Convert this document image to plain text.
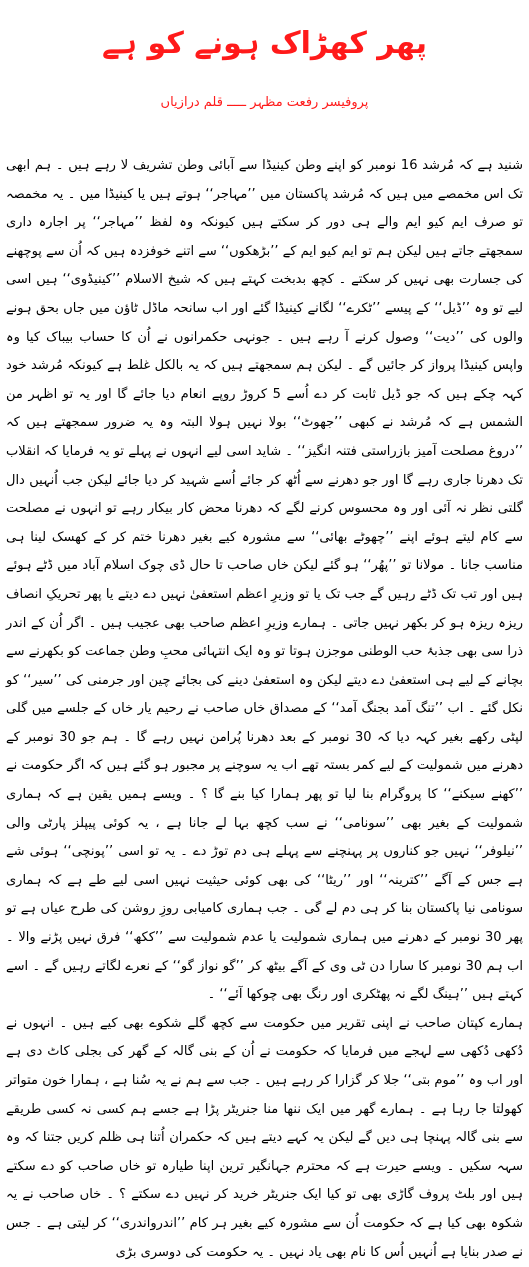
پھر کھڑاک ہونے کو ہے
پروفیسر رفعت مظہر ـــــ قلم درازیاں

شنید ہے کہ مُرشد 16 نومبر کو اپنے وطن کینیڈا سے آبائی وطن تشریف لا رہے ہیں ۔ ہم ابھی تک اس مخمصے میں ہیں کہ مُرشد پاکستان میں ’’مہاجر‘‘ ہوتے ہیں یا کینیڈا میں ۔ یہ مخمصہ تو صرف ایم کیو ایم والے ہی دور کر سکتے ہیں کیونکہ وہ لفظ ’’مہاجر‘‘ پر اجارہ داری سمجھتے جاتے ہیں لیکن ہم تو ایم کیو ایم کے ’’بڑھکوں‘‘ سے اتنے خوفزدہ ہیں کہ اُن سے پوچھنے کی جسارت بھی نہیں کر سکتے ۔ کچھ بدبخت کہتے ہیں کہ شیخ الاسلام ’’کینیڈوی‘‘ ہیں اسی لیے تو وہ ’’ڈیل‘‘ کے پیسے ’’ٹکرے‘‘ لگانے کینیڈا گئے اور اب سانحہ ماڈل ٹاؤن میں جاں بحق ہونے والوں کی ’’دیت‘‘ وصول کرنے آ رہے ہیں ۔ جونہی حکمرانوں نے اُن کا حساب بیباک کیا وہ واپس کینیڈا پرواز کر جائیں گے ۔ لیکن ہم سمجھتے ہیں کہ یہ بالکل غلط ہے کیونکہ مُرشد خود کہہ چکے ہیں کہ جو ڈیل ثابت کر دے اُسے 5 کروڑ روپے انعام دیا جائے گا اور یہ تو اظہر من الشمس ہے کہ مُرشد نے کبھی ’’جھوٹ‘‘ بولا نہیں ہولا البتہ وہ یہ ضرور سمجھتے ہیں کہ ’’دروغ مصلحت آمیز بازراستی فتنہ انگیز‘‘ ۔ شاید اسی لیے انہوں نے پہلے تو یہ فرمایا کہ انقلاب تک دھرنا جاری رہے گا اور جو دھرنے سے اُٹھ کر جائے اُسے شہید کر دیا جائے لیکن جب اُنہیں دال گلتی نظر نہ آئی اور وہ محسوس کرنے لگے کہ دھرنا محض کار بیکار رہے تو انہوں نے مصلحت سے کام لیتے ہوئے اپنے ’’چھوٹے بھائی‘‘ سے مشورہ کیے بغیر دھرنا ختم کر کے کھسک لینا ہی مناسب جانا ۔ مولانا تو ’’پھُر‘‘ ہو گئے لیکن خاں صاحب تا حال ڈی چوک اسلام آباد میں ڈٹے ہوئے ہیں اور تب تک ڈٹے رہیں گے جب تک یا تو وزیرِ اعظم استعفیٰ نہیں دے دیتے یا پھر تحریکِ انصاف ریزہ ریزہ ہو کر بکھر نہیں جاتی ۔ ہمارے وزیرِ اعظم صاحب بھی عجیب ہیں ۔ اگر اُن کے اندر ذرا سی بھی جذبۂ حب الوطنی موجزن ہوتا تو وہ ایک انتہائی محبِ وطن جماعت کو بکھرنے سے بچانے کے لیے ہی استعفیٰ دے دیتے لیکن وہ استعفیٰ دینے کی بجائے چین اور جرمنی کی ’’سیر‘‘ کو نکل گئے ۔ اب ’’تنگ آمد بجنگ آمد‘‘ کے مصداق خاں صاحب نے رحیم یار خاں کے جلسے میں گلی لپٹی رکھے بغیر کہہ دیا کہ 30 نومبر کے بعد دھرنا پُرامن نہیں رہے گا ۔ ہم جو 30 نومبر کے دھرنے میں شمولیت کے لیے کمر بستہ تھے اب یہ سوچنے پر مجبور ہو گئے ہیں کہ اگر حکومت نے ’’کھنے سیکنے‘‘ کا پروگرام بنا لیا تو پھر ہمارا کیا بنے گا ؟ ۔ ویسے ہمیں یقین ہے کہ ہماری شمولیت کے بغیر بھی ’’سونامی‘‘ نے سب کچھ بہا لے جانا ہے ، یہ کوئی پیپلز پارٹی والی ’’نیلوفر‘‘ نہیں جو کناروں پر پہنچنے سے پہلے ہی دم توڑ دے ۔ یہ تو اسی ’’پونچی‘‘ ہوئی شے ہے جس کے آگے ’’کترینہ‘‘ اور ’’ریٹا‘‘ کی بھی کوئی حیثیت نہیں اسی لیے طے ہے کہ ہماری سونامی نیا پاکستان بنا کر ہی دم لے گی ۔ جب ہماری کامیابی روزِ روشن کی طرح عیاں ہے تو پھر 30 نومبر کے دھرنے میں ہماری شمولیت یا عدم شمولیت سے ’’ککھ‘‘ فرق نہیں پڑنے والا ۔ اب ہم 30 نومبر کا سارا دن ٹی وی کے آگے بیٹھ کر ’’گو نواز گو‘‘ کے نعرے لگاتے رہیں گے ۔ اسے کہتے ہیں ’’ہینگ لگے نہ پھٹکری اور رنگ بھی چوکھا آئے‘‘ ۔

ہمارے کپتان صاحب نے اپنی تقریر میں حکومت سے کچھ گلے شکوے بھی کیے ہیں ۔ انہوں نے دُکھی دُکھی سے لہجے میں فرمایا کہ حکومت نے اُن کے بنی گالہ کے گھر کی بجلی کاٹ دی ہے اور اب وہ ’’موم بتی‘‘ جلا کر گزارا کر رہے ہیں ۔ جب سے ہم نے یہ سُنا ہے ، ہمارا خون متواتر کھولتا جا رہا ہے ۔ ہمارے گھر میں ایک ننھا منا جنریٹر پڑا ہے جسے ہم کسی نہ کسی طریقے سے بنی گالہ پہنچا ہی دیں گے لیکن یہ کہے دیتے ہیں کہ حکمران اُتنا ہی ظلم کریں جتنا کہ وہ سہہ سکیں ۔ ویسے حیرت ہے کہ محترم جہانگیر ترین اپنا طیارہ تو خاں صاحب کو دے سکتے ہیں اور بلٹ پروف گاڑی بھی تو کیا ایک جنریٹر خرید کر نہیں دے سکتے ؟ ۔ خاں صاحب نے یہ شکوہ بھی کیا ہے کہ حکومت اُن سے مشورہ کیے بغیر ہر کام ’’اندرواندری‘‘ کر لیتی ہے ۔ جس نے صدر بنایا ہے اُنہیں اُس کا نام بھی یاد نہیں ۔ یہ حکومت کی دوسری بڑی
